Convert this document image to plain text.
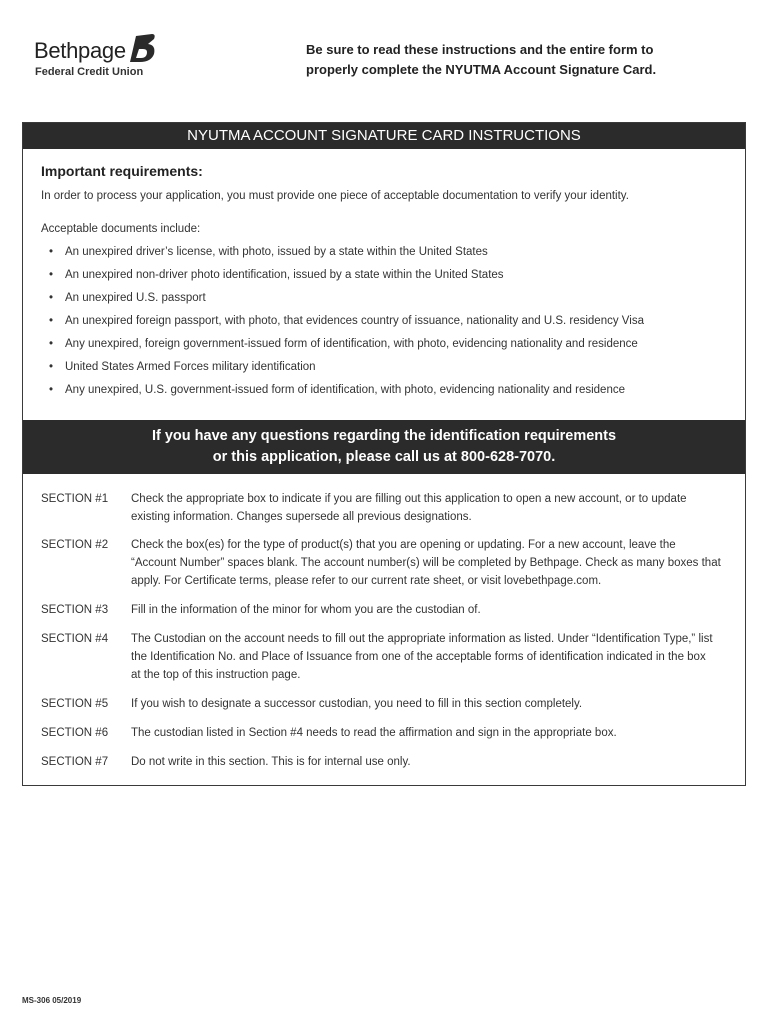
Bethpage
Federal Credit Union
Be sure to read these instructions and the entire form to
properly complete the NYUTMA Account Signature Card.
NYUTMA ACCOUNT SIGNATURE CARD INSTRUCTIONS
Important requirements:
In order to process your application, you must provide one piece of acceptable documentation to verify your identity.
Acceptable documents include:
• An unexpired driver’s license, with photo, issued by a state within the United States
• An unexpired non-driver photo identification, issued by a state within the United States
• An unexpired U.S. passport
• An unexpired foreign passport, with photo, that evidences country of issuance, nationality and U.S. residency Visa
• Any unexpired, foreign government-issued form of identification, with photo, evidencing nationality and residence
• United States Armed Forces military identification
• Any unexpired, U.S. government-issued form of identification, with photo, evidencing nationality and residence
If you have any questions regarding the identification requirements
or this application, please call us at 800-628-7070.
SECTION #1	Check the appropriate box to indicate if you are filling out this application to open a new account, or to update
existing information. Changes supersede all previous designations.
SECTION #2	Check the box(es) for the type of product(s) that you are opening or updating. For a new account, leave the
“Account Number” spaces blank. The account number(s) will be completed by Bethpage. Check as many boxes that
apply. For Certificate terms, please refer to our current rate sheet, or visit lovebethpage.com.
SECTION #3	Fill in the information of the minor for whom you are the custodian of.
SECTION #4	The Custodian on the account needs to fill out the appropriate information as listed. Under “Identification Type,” list
the Identification No. and Place of Issuance from one of the acceptable forms of identification indicated in the box
at the top of this instruction page.
SECTION #5	If you wish to designate a successor custodian, you need to fill in this section completely.
SECTION #6	The custodian listed in Section #4 needs to read the affirmation and sign in the appropriate box.
SECTION #7	Do not write in this section. This is for internal use only.
MS-306 05/2019
